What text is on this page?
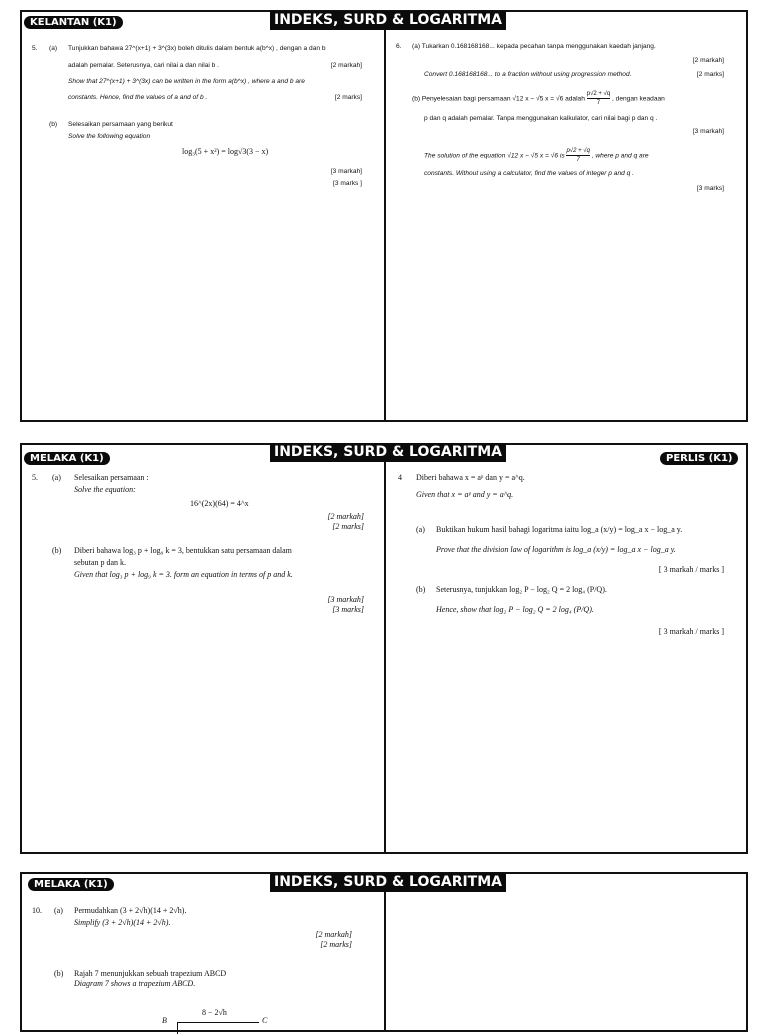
5. (a) Tunjukkan bahawa 27^(x+1) + 3^(3x) boleh ditulis dalam bentuk a(b^x) , dengan a dan b
adalah pemalar. Seterusnya, cari nilai a dan nilai b .	[2 markah]
Show that 27^(x+1) + 3^(3x) can be written in the form a(b^x) , where a and b are
constants. Hence, find the values of a and of b .	[2 marks]
(b) Selesaikan persamaan yang berikut
Solve the following equation
log₃(5 + x²) = log√3(3 − x)
[3 markah]
[3 marks ]
6. (a) Tukarkan 0.168168168... kepada pecahan tanpa menggunakan kaedah janjang.
[2 markah]
Convert 0.168168168... to a fraction without using progression method.	[2 marks]
(b) Penyelesaian bagi persamaan √12 x − √5 x = √6 adalah $\frac{p√2 + √q}{7}$ , dengan keadaan
p dan q adalah pemalar. Tanpa menggunakan kalkulator, cari nilai bagi p dan q .
[3 markah]
The solution of the equation √12 x − √5 x = √6 is $\frac{p√2 + √q}{7}$ , where p and q are
constants. Without using a calculator, find the values of integer p and q .
[3 marks]
KELANTAN (K1)	INDEKS, SURD & LOGARITMA
5. (a) Selesaikan persamaan :
Solve the equation:
16^(2x)(64) = 4^x
[2 markah]
[2 marks]
(b) Diberi bahawa log₃ p + log₉ k = 3, bentukkan satu persamaan dalam
sebutan p dan k.
Given that log₃ p + log₉ k = 3. form an equation in terms of p and k.
[3 markah]
[3 marks]
4 Diberi bahawa x = aᵖ dan y = a^q.
Given that x = aᵖ and y = a^q.
(a) Buktikan hukum hasil bahagi logaritma iaitu log_a (x/y) = log_a x − log_a y.
Prove that the division law of logarithm is log_a (x/y) = log_a x − log_a y.
[ 3 markah / marks ]
(b) Seterusnya, tunjukkan log₂ P − log₂ Q = 2 log₄ (P/Q).
Hence, show that log₂ P − log₂ Q = 2 log₄ (P/Q).
[ 3 markah / marks ]
MELAKA (K1)	PERLIS (K1)
INDEKS, SURD & LOGARITMA
10. (a) Permudahkan (3 + 2√h)(14 + 2√h).
Simplify (3 + 2√h)(14 + 2√h).
[2 markah]
[2 marks]
(b) Rajah 7 menunjukkan sebuah trapezium ABCD
Diagram 7 shows a trapezium ABCD.
8 − 2√h
B	C
MELAKA (K1)	INDEKS, SURD & LOGARITMA
